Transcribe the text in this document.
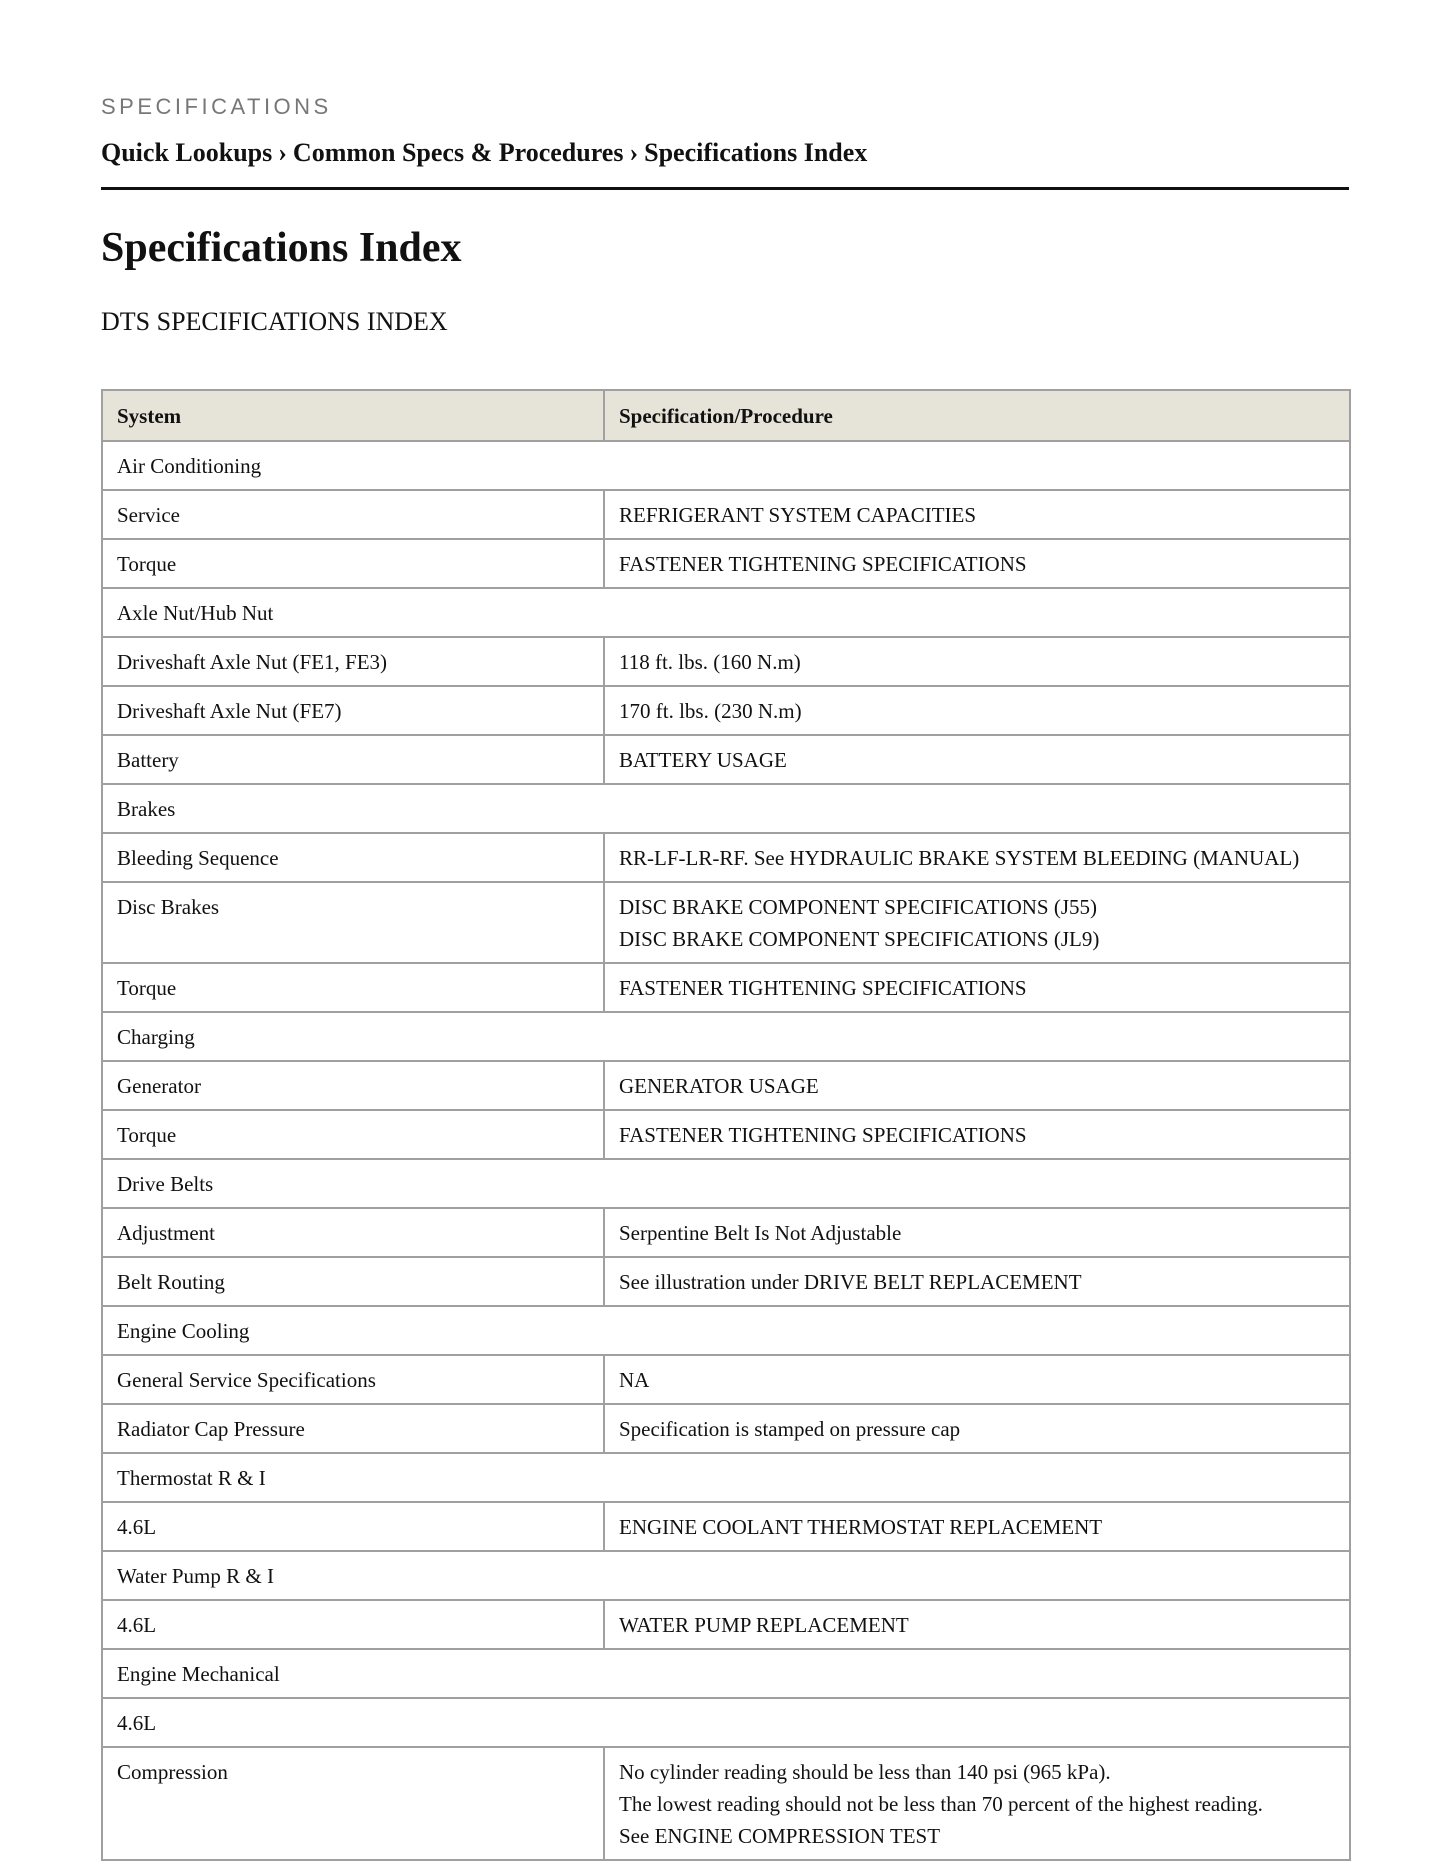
SPECIFICATIONS
Quick Lookups › Common Specs & Procedures › Specifications Index
Specifications Index
DTS SPECIFICATIONS INDEX
System	Specification/Procedure
Air Conditioning	
Service	REFRIGERANT SYSTEM CAPACITIES

Torque	FASTENER TIGHTENING SPECIFICATIONS

Axle Nut/Hub Nut	
Driveshaft Axle Nut (FE1, FE3)	118 ft. lbs. (160 N.m)

Driveshaft Axle Nut (FE7)	170 ft. lbs. (230 N.m)

Battery	BATTERY USAGE

Brakes	
Bleeding Sequence	RR-LF-LR-RF. See HYDRAULIC BRAKE SYSTEM BLEEDING (MANUAL)

Disc Brakes	DISC BRAKE COMPONENT SPECIFICATIONS (J55)
DISC BRAKE COMPONENT SPECIFICATIONS (JL9)

Torque	FASTENER TIGHTENING SPECIFICATIONS

Charging	
Generator	GENERATOR USAGE

Torque	FASTENER TIGHTENING SPECIFICATIONS

Drive Belts	
Adjustment	Serpentine Belt Is Not Adjustable

Belt Routing	See illustration under DRIVE BELT REPLACEMENT

Engine Cooling	
General Service Specifications	NA

Radiator Cap Pressure	Specification is stamped on pressure cap

Thermostat R & I	
4.6L	ENGINE COOLANT THERMOSTAT REPLACEMENT

Water Pump R & I	
4.6L	WATER PUMP REPLACEMENT

Engine Mechanical	
4.6L	
Compression	No cylinder reading should be less than 140 psi (965 kPa).
The lowest reading should not be less than 70 percent of the highest reading.
See ENGINE COMPRESSION TEST
